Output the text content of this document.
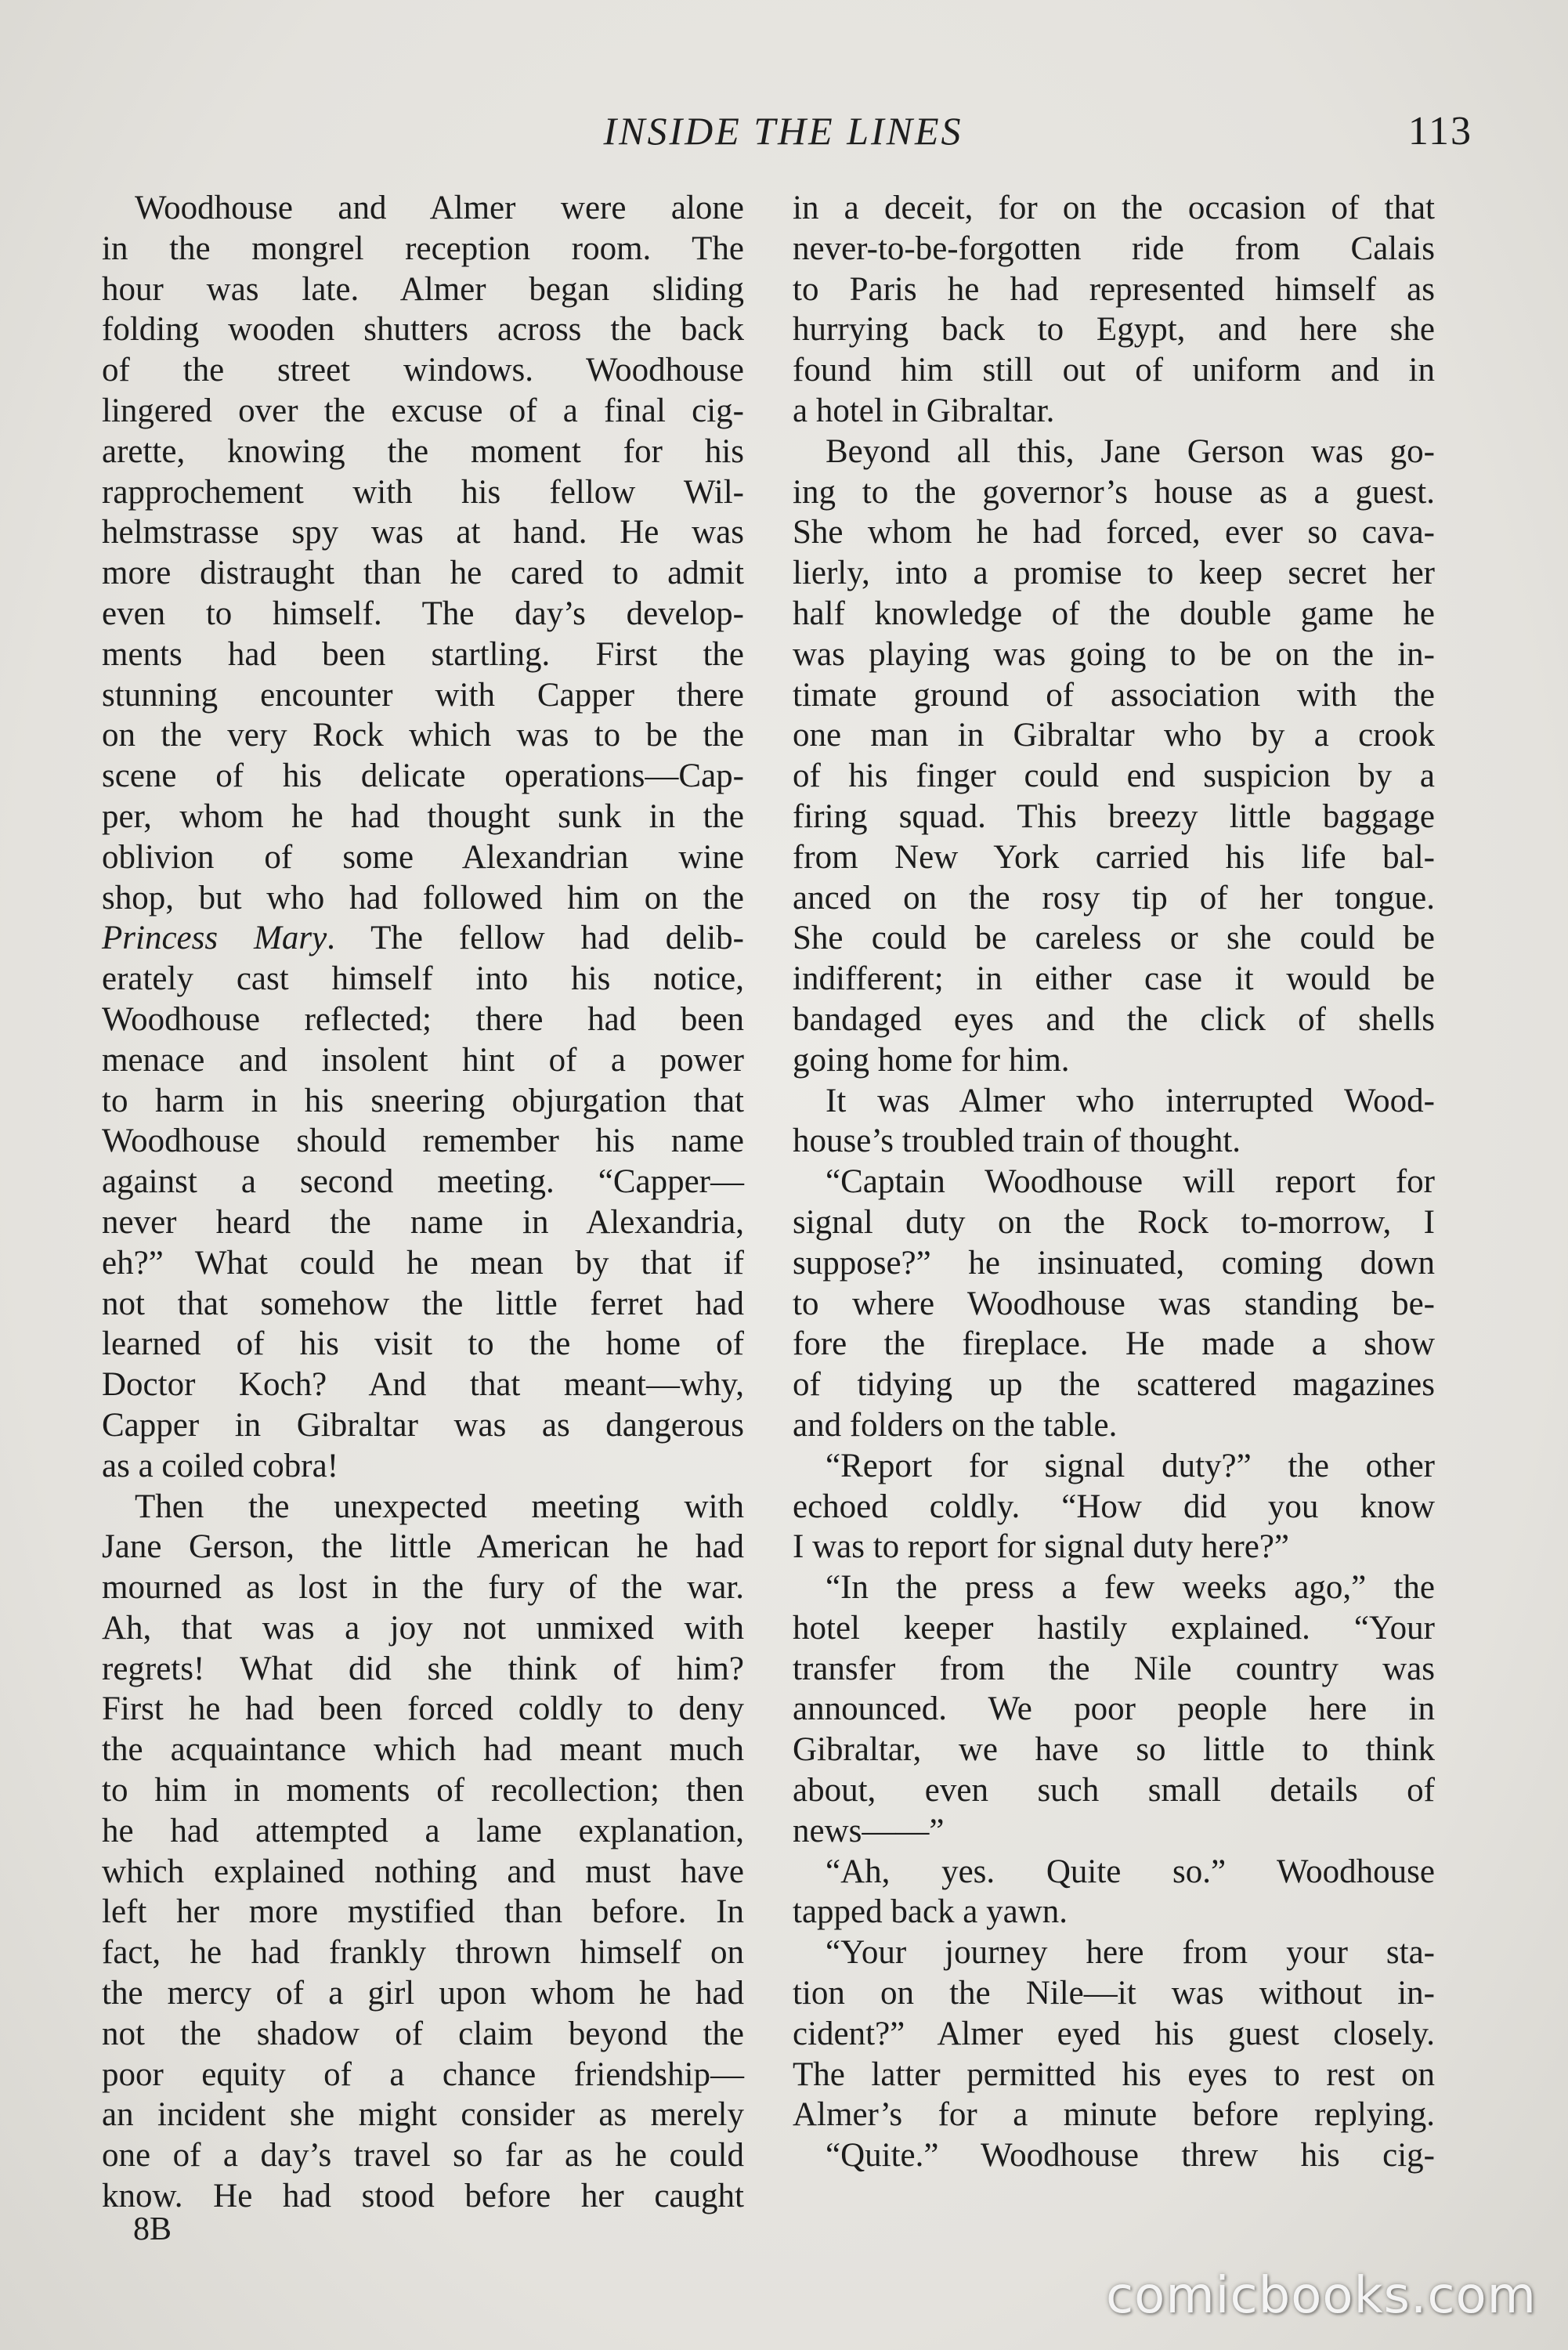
INSIDE THE LINES	113
Woodhouse and Almer were alone
in the mongrel reception room. The
hour was late. Almer began sliding
folding wooden shutters across the back
of the street windows. Woodhouse
lingered over the excuse of a final cig-
arette, knowing the moment for his
rapprochement with his fellow Wil-
helmstrasse spy was at hand. He was
more distraught than he cared to admit
even to himself. The day’s develop-
ments had been startling. First the
stunning encounter with Capper there
on the very Rock which was to be the
scene of his delicate operations—Cap-
per, whom he had thought sunk in the
oblivion of some Alexandrian wine
shop, but who had followed him on the
Princess Mary. The fellow had delib-
erately cast himself into his notice,
Woodhouse reflected; there had been
menace and insolent hint of a power
to harm in his sneering objurgation that
Woodhouse should remember his name
against a second meeting. “Capper—
never heard the name in Alexandria,
eh?” What could he mean by that if
not that somehow the little ferret had
learned of his visit to the home of
Doctor Koch? And that meant—why,
Capper in Gibraltar was as dangerous
as a coiled cobra!
Then the unexpected meeting with
Jane Gerson, the little American he had
mourned as lost in the fury of the war.
Ah, that was a joy not unmixed with
regrets! What did she think of him?
First he had been forced coldly to deny
the acquaintance which had meant much
to him in moments of recollection; then
he had attempted a lame explanation,
which explained nothing and must have
left her more mystified than before. In
fact, he had frankly thrown himself on
the mercy of a girl upon whom he had
not the shadow of claim beyond the
poor equity of a chance friendship—
an incident she might consider as merely
one of a day’s travel so far as he could
know. He had stood before her caught
in a deceit, for on the occasion of that
never-to-be-forgotten ride from Calais
to Paris he had represented himself as
hurrying back to Egypt, and here she
found him still out of uniform and in
a hotel in Gibraltar.
Beyond all this, Jane Gerson was go-
ing to the governor’s house as a guest.
She whom he had forced, ever so cava-
lierly, into a promise to keep secret her
half knowledge of the double game he
was playing was going to be on the in-
timate ground of association with the
one man in Gibraltar who by a crook
of his finger could end suspicion by a
firing squad. This breezy little baggage
from New York carried his life bal-
anced on the rosy tip of her tongue.
She could be careless or she could be
indifferent; in either case it would be
bandaged eyes and the click of shells
going home for him.
It was Almer who interrupted Wood-
house’s troubled train of thought.
“Captain Woodhouse will report for
signal duty on the Rock to-morrow, I
suppose?” he insinuated, coming down
to where Woodhouse was standing be-
fore the fireplace. He made a show
of tidying up the scattered magazines
and folders on the table.
“Report for signal duty?” the other
echoed coldly. “How did you know
I was to report for signal duty here?”
“In the press a few weeks ago,” the
hotel keeper hastily explained. “Your
transfer from the Nile country was
announced. We poor people here in
Gibraltar, we have so little to think
about, even such small details of
news——”
“Ah, yes. Quite so.” Woodhouse
tapped back a yawn.
“Your journey here from your sta-
tion on the Nile—it was without in-
cident?” Almer eyed his guest closely.
The latter permitted his eyes to rest on
Almer’s for a minute before replying.
“Quite.” Woodhouse threw his cig-
8B
comicbooks.com
